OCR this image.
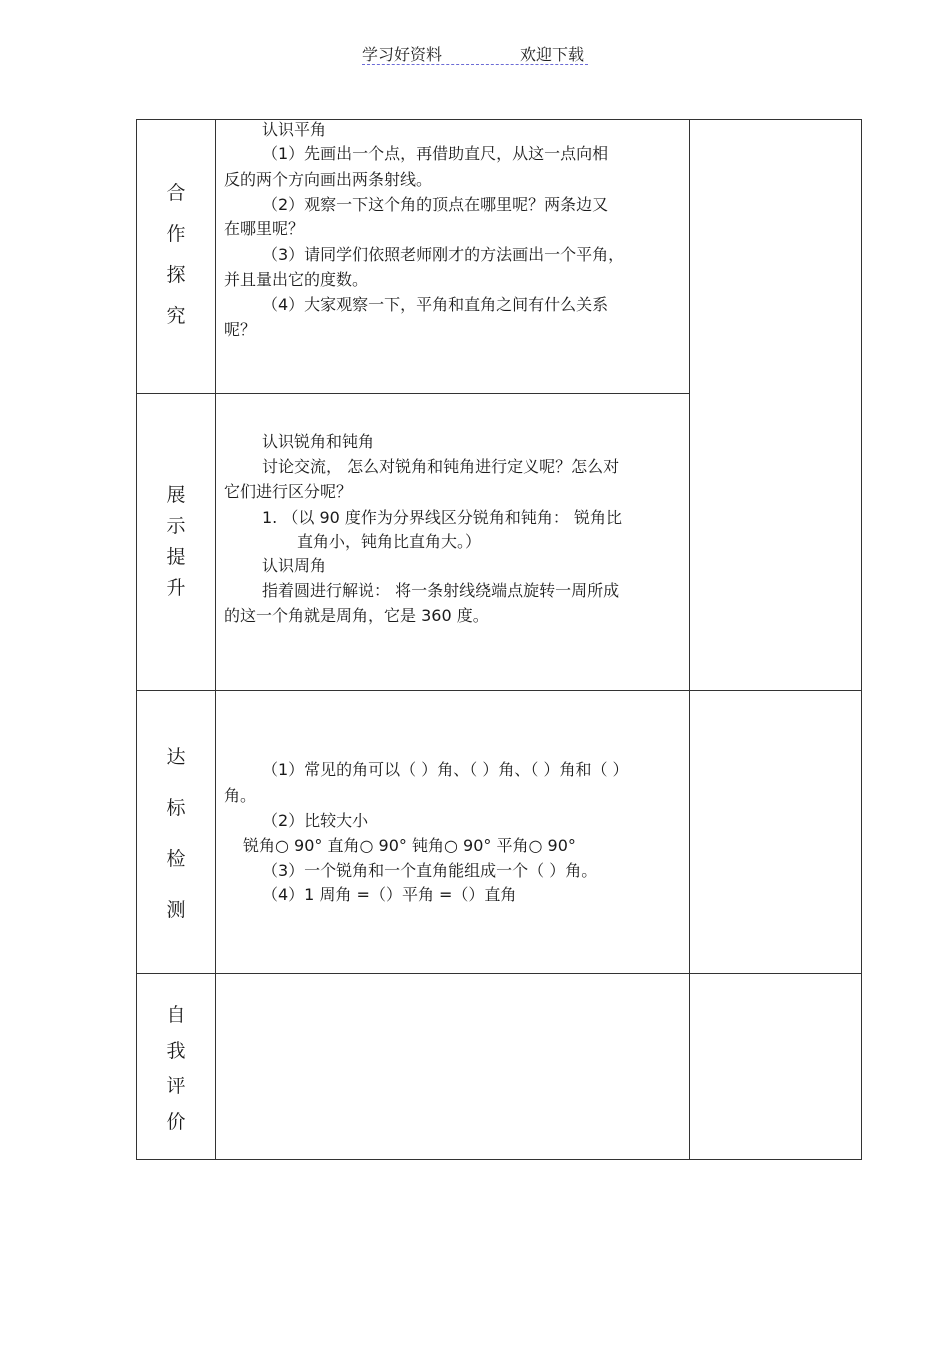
学习好资料	欢迎下载
合
作
探
究
认识平角
（1）先画出一个点，再借助直尺，从这一点向相
反的两个方向画出两条射线。
（2）观察一下这个角的顶点在哪里呢？两条边又
在哪里呢？
（3）请同学们依照老师刚才的方法画出一个平角，
并且量出它的度数。
（4）大家观察一下，平角和直角之间有什么关系
呢？
展
示
提
升
认识锐角和钝角
讨论交流， 怎么对锐角和钝角进行定义呢？怎么对
它们进行区分呢？
1. （以 90 度作为分界线区分锐角和钝角： 锐角比
直角小，钝角比直角大。）
认识周角
指着圆进行解说： 将一条射线绕端点旋转一周所成
的这一个角就是周角，它是 360 度。
达
标
检
测
（1）常见的角可以（ ）角、（ ）角、（ ）角和（ ）
角。
（2）比较大小
锐角○ 90° 直角○ 90° 钝角○ 90° 平角○ 90°
（3）一个锐角和一个直角能组成一个（ ）角。
（4）1 周角 =（）平角 =（）直角
自
我
评
价
